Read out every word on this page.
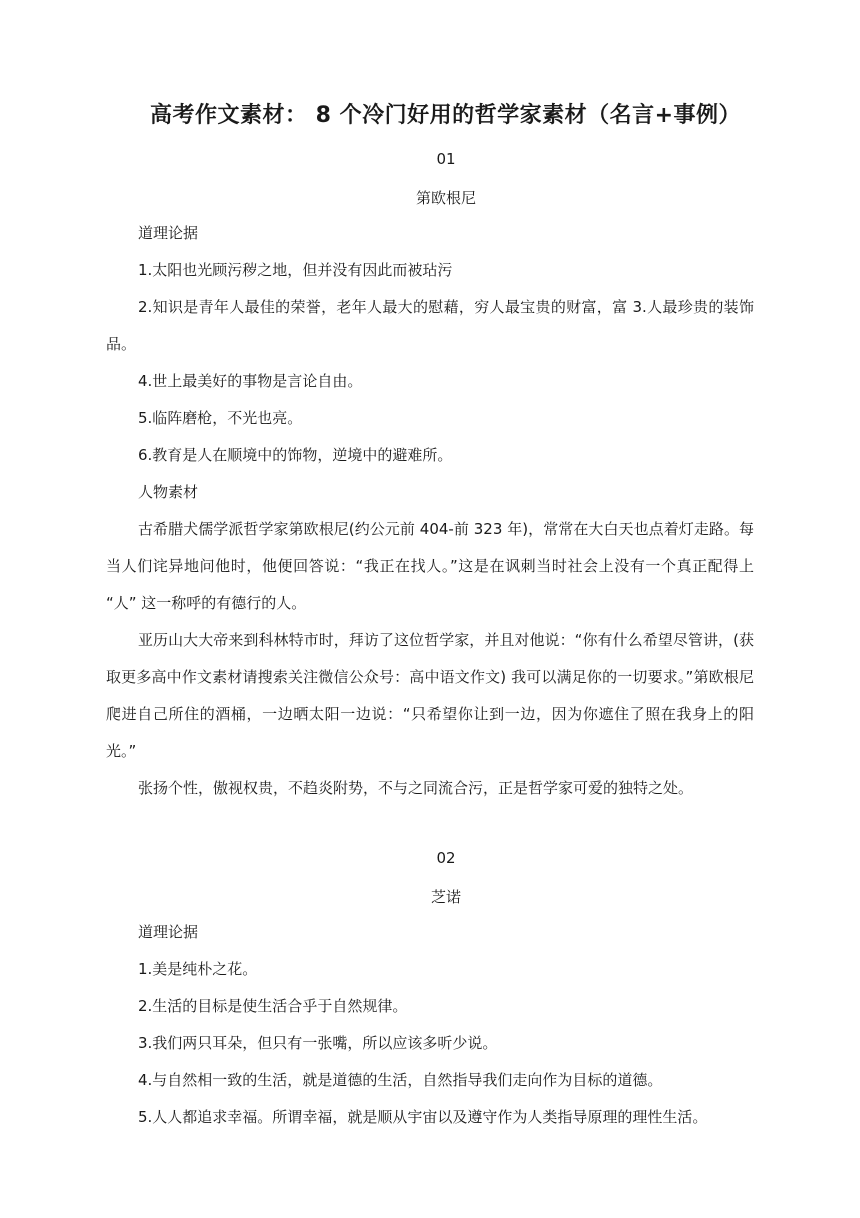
高考作文素材： 8 个冷门好用的哲学家素材（名言+事例）
01
第欧根尼
道理论据
1.太阳也光顾污秽之地，但并没有因此而被玷污
2.知识是青年人最佳的荣誉，老年人最大的慰藉，穷人最宝贵的财富，富 3.人最珍贵的装饰品。
4.世上最美好的事物是言论自由。
5.临阵磨枪，不光也亮。
6.教育是人在顺境中的饰物，逆境中的避难所。
人物素材
古希腊犬儒学派哲学家第欧根尼(约公元前 404-前 323 年)，常常在大白天也点着灯走路。每当人们诧异地问他时，他便回答说：“我正在找人。”这是在讽刺当时社会上没有一个真正配得上 “人” 这一称呼的有德行的人。
亚历山大大帝来到科林特市时，拜访了这位哲学家，并且对他说：“你有什么希望尽管讲，(获取更多高中作文素材请搜索关注微信公众号：高中语文作文) 我可以满足你的一切要求。”第欧根尼爬进自己所住的酒桶，一边晒太阳一边说：“只希望你让到一边，因为你遮住了照在我身上的阳光。”
张扬个性，傲视权贵，不趋炎附势，不与之同流合污，正是哲学家可爱的独特之处。
02
芝诺
道理论据
1.美是纯朴之花。
2.生活的目标是使生活合乎于自然规律。
3.我们两只耳朵，但只有一张嘴，所以应该多听少说。
4.与自然相一致的生活，就是道德的生活，自然指导我们走向作为目标的道德。
5.人人都追求幸福。所谓幸福，就是顺从宇宙以及遵守作为人类指导原理的理性生活。
